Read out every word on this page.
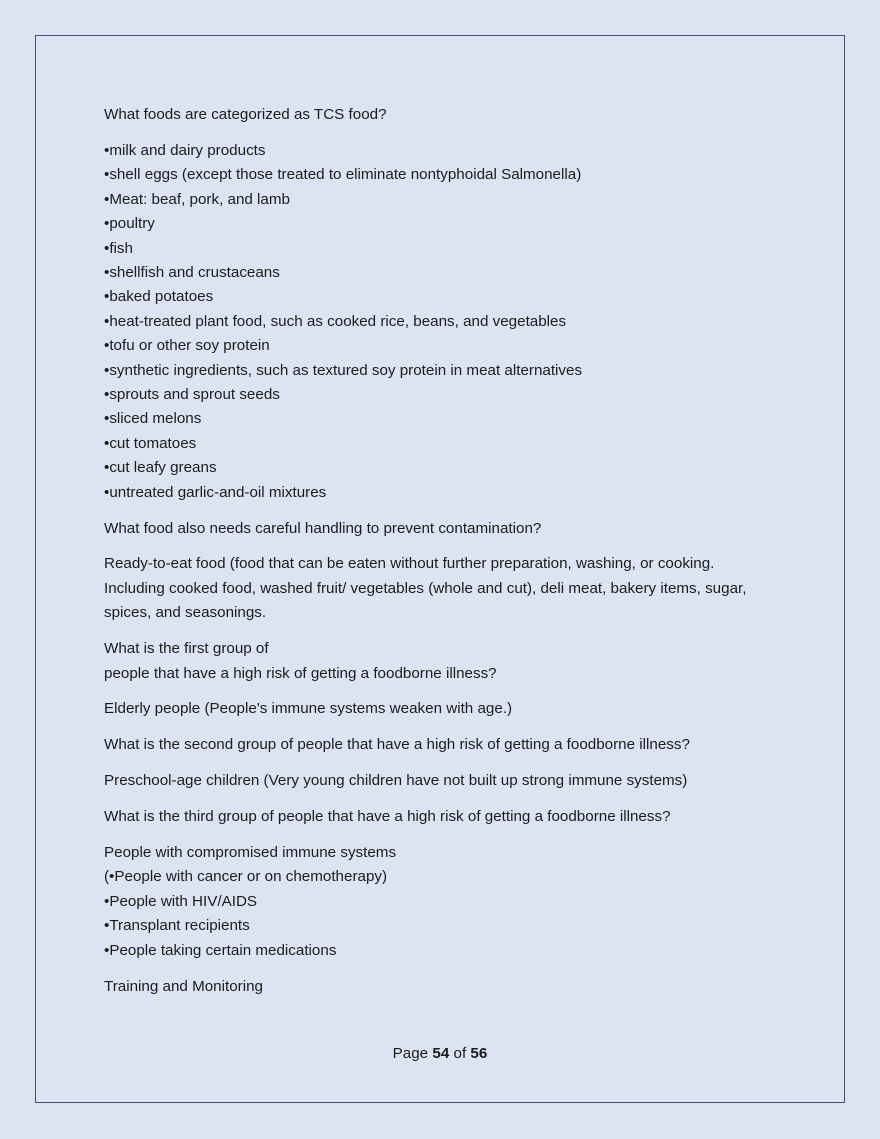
What foods are categorized as TCS food?

•milk and dairy products
•shell eggs (except those treated to eliminate nontyphoidal Salmonella)
•Meat: beaf, pork, and lamb
•poultry
•fish
•shellfish and crustaceans
•baked potatoes
•heat-treated plant food, such as cooked rice, beans, and vegetables
•tofu or other soy protein
•synthetic ingredients, such as textured soy protein in meat alternatives
•sprouts and sprout seeds
•sliced melons
•cut tomatoes
•cut leafy greans
•untreated garlic-and-oil mixtures

What food also needs careful handling to prevent contamination?

Ready-to-eat food (food that can be eaten without further preparation, washing, or cooking.
Including cooked food, washed fruit/ vegetables (whole and cut), deli meat, bakery items, sugar,
spices, and seasonings.

What is the first group of
people that have a high risk of getting a foodborne illness?

Elderly people (People's immune systems weaken with age.)

What is the second group of people that have a high risk of getting a foodborne illness?

Preschool-age children (Very young children have not built up strong immune systems)

What is the third group of people that have a high risk of getting a foodborne illness?

People with compromised immune systems
(•People with cancer or on chemotherapy)
•People with HIV/AIDS
•Transplant recipients
•People taking certain medications

Training and Monitoring

Page 54 of 56
